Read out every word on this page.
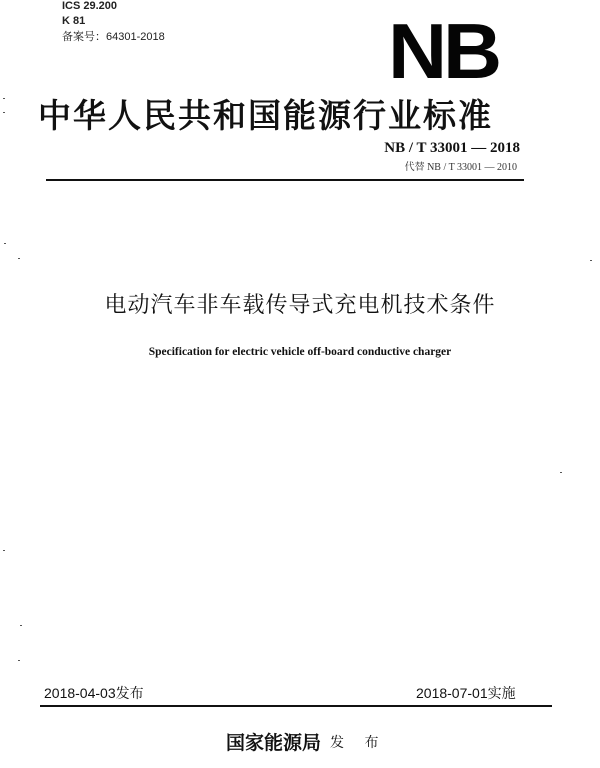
ICS 29.200
K 81
备案号：64301-2018	NB
中华人民共和国能源行业标准
NB / T 33001 — 2018
代替 NB / T 33001 — 2010
电动汽车非车载传导式充电机技术条件
Specification for electric vehicle off-board conductive charger
2018-04-03发布	2018-07-01实施
国家能源局 发 布
